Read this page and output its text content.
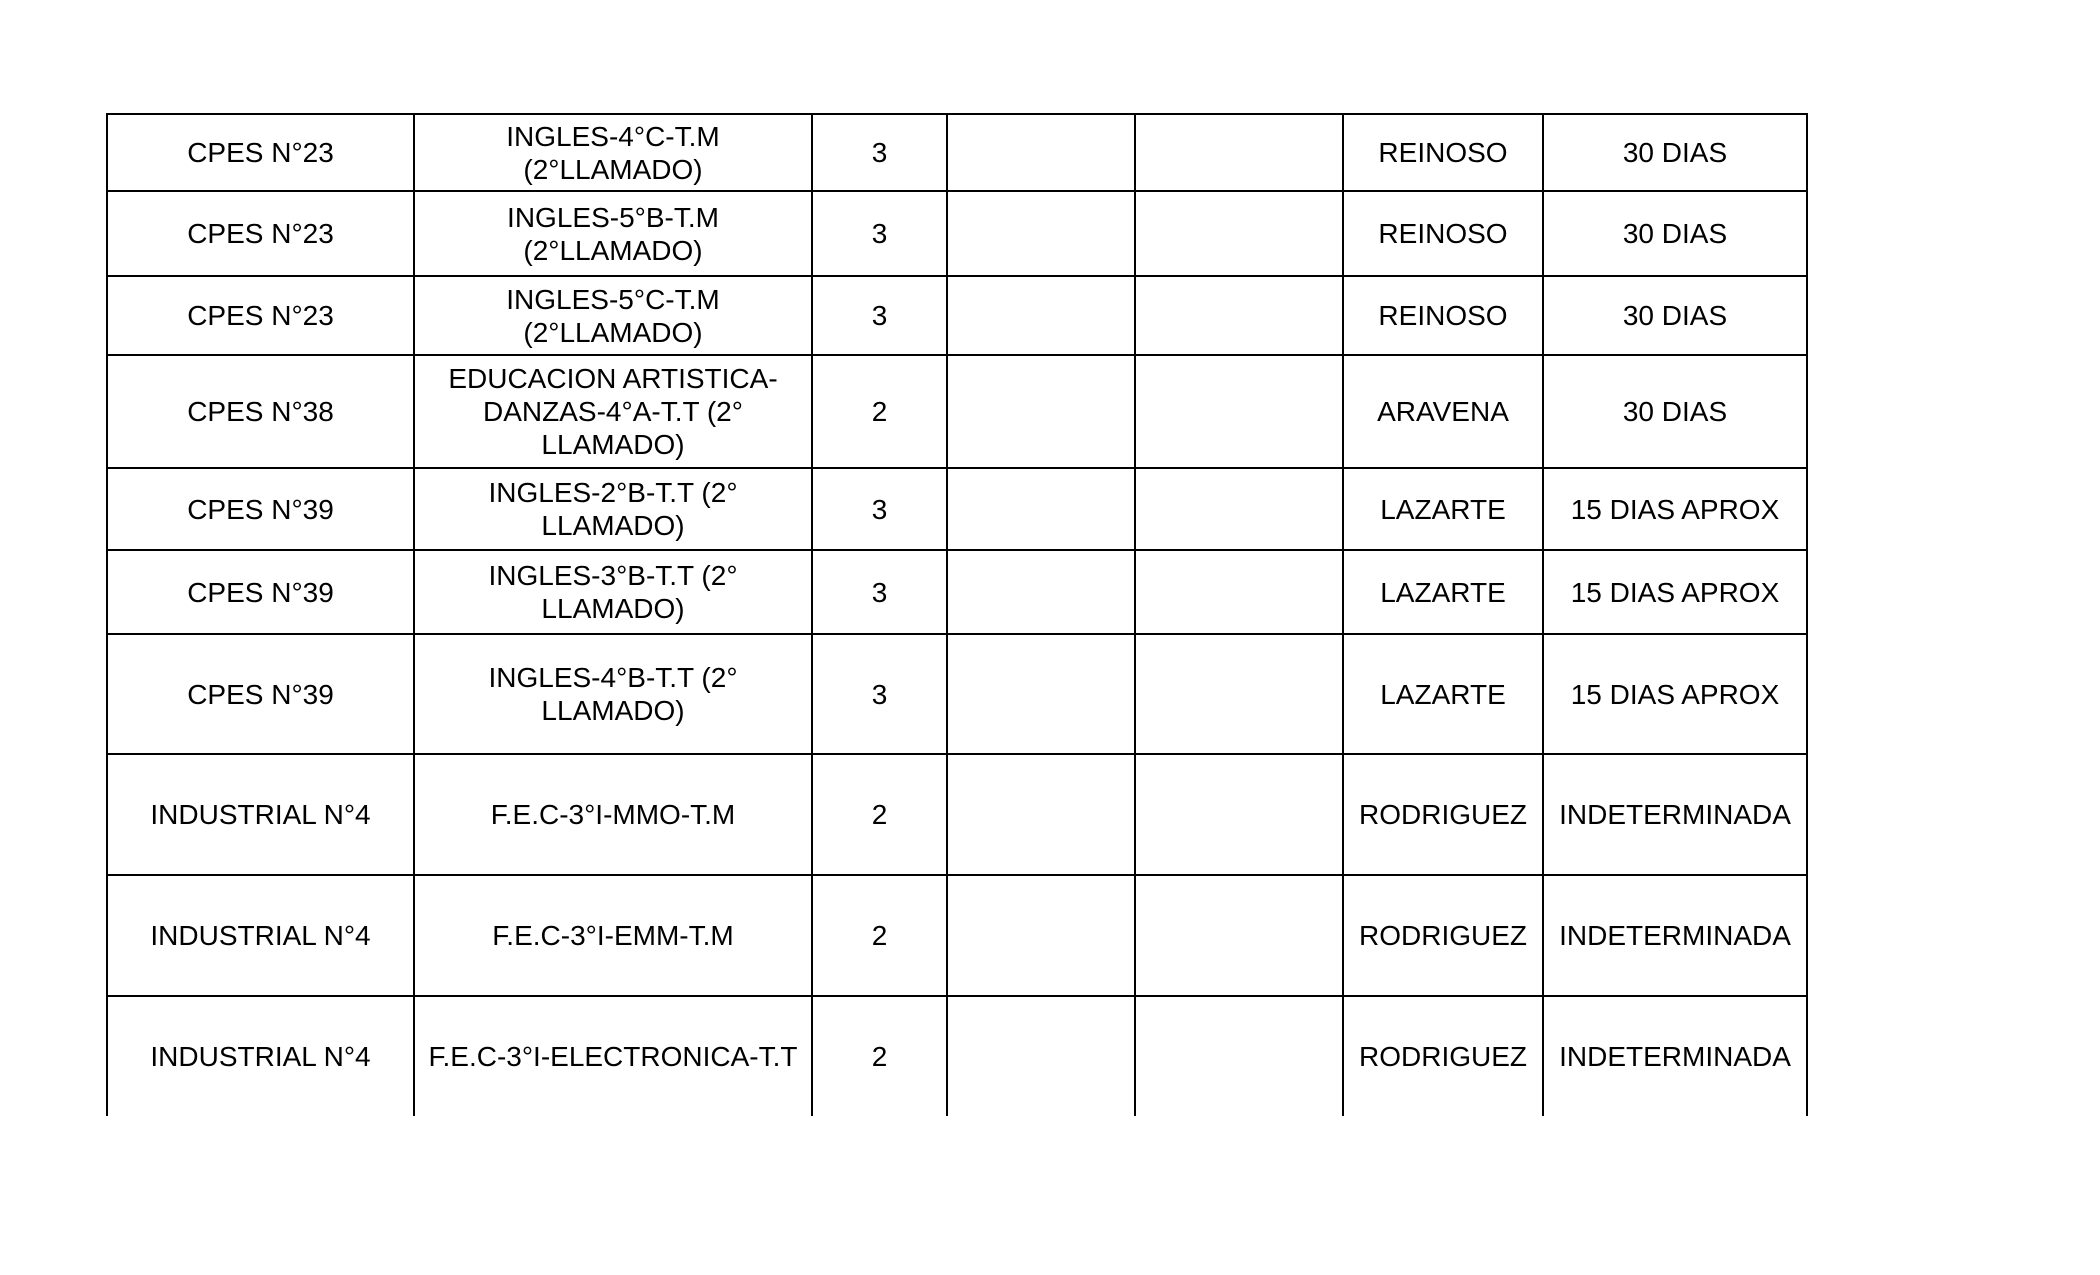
CPES N°23	INGLES-4°C-T.M (2°LLAMADO)	3			REINOSO	30 DIAS
CPES N°23	INGLES-5°B-T.M (2°LLAMADO)	3			REINOSO	30 DIAS
CPES N°23	INGLES-5°C-T.M (2°LLAMADO)	3			REINOSO	30 DIAS
CPES N°38	EDUCACION ARTISTICA-DANZAS-4°A-T.T (2° LLAMADO)	2			ARAVENA	30 DIAS
CPES N°39	INGLES-2°B-T.T (2° LLAMADO)	3			LAZARTE	15 DIAS APROX
CPES N°39	INGLES-3°B-T.T (2° LLAMADO)	3			LAZARTE	15 DIAS APROX
CPES N°39	INGLES-4°B-T.T (2° LLAMADO)	3			LAZARTE	15 DIAS APROX
INDUSTRIAL N°4	F.E.C-3°I-MMO-T.M	2			RODRIGUEZ	INDETERMINADA
INDUSTRIAL N°4	F.E.C-3°I-EMM-T.M	2			RODRIGUEZ	INDETERMINADA
INDUSTRIAL N°4	F.E.C-3°I-ELECTRONICA-T.T	2			RODRIGUEZ	INDETERMINADA
